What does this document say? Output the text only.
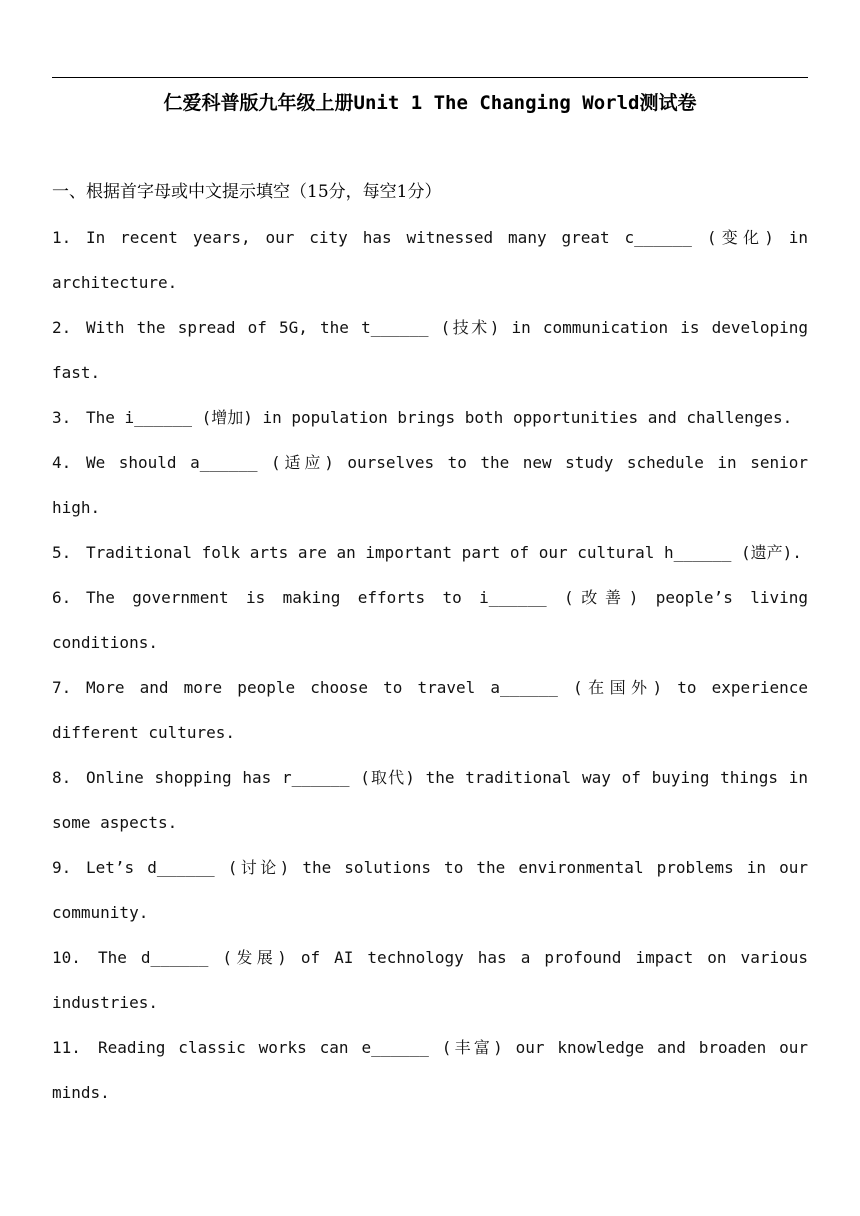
仁爱科普版九年级上册Unit 1 The Changing World测试卷
一、根据首字母或中文提示填空（15分，每空1分）
1. In recent years, our city has witnessed many great c______ (变化) in architecture.
2. With the spread of 5G, the t______ (技术) in communication is developing fast.
3. The i______ (增加) in population brings both opportunities and challenges.
4. We should a______ (适应) ourselves to the new study schedule in senior high.
5. Traditional folk arts are an important part of our cultural h______ (遗产).
6. The government is making efforts to i______ (改善) people’s living conditions.
7. More and more people choose to travel a______ (在国外) to experience different cultures.
8. Online shopping has r______ (取代) the traditional way of buying things in some aspects.
9. Let’s d______ (讨论) the solutions to the environmental problems in our community.
10. The d______ (发展) of AI technology has a profound impact on various industries.
11. Reading classic works can e______ (丰富) our knowledge and broaden our minds.
